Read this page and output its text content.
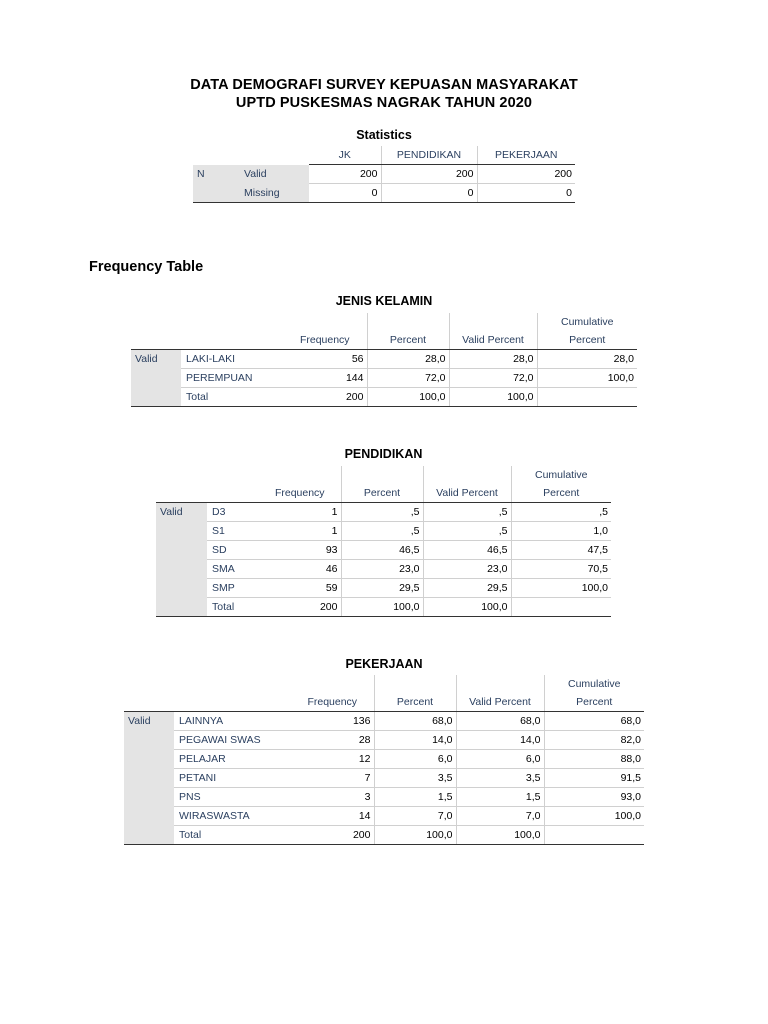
DATA DEMOGRAFI SURVEY KEPUASAN MASYARAKAT
UPTD PUSKESMAS NAGRAK TAHUN 2020
Statistics
		JK	PENDIDIKAN	PEKERJAAN
N	Valid	200	200	200
	Missing	0	0	0
Frequency Table
JENIS KELAMIN
					Cumulative
		Frequency	Percent	Valid Percent	Percent
Valid	LAKI-LAKI	56	28,0	28,0	28,0
	PEREMPUAN	144	72,0	72,0	100,0
	Total	200	100,0	100,0	
PENDIDIKAN
					Cumulative
		Frequency	Percent	Valid Percent	Percent
Valid	D3	1	,5	,5	,5
	S1	1	,5	,5	1,0
	SD	93	46,5	46,5	47,5
	SMA	46	23,0	23,0	70,5
	SMP	59	29,5	29,5	100,0
	Total	200	100,0	100,0	
PEKERJAAN
					Cumulative
		Frequency	Percent	Valid Percent	Percent
Valid	LAINNYA	136	68,0	68,0	68,0
	PEGAWAI SWAS	28	14,0	14,0	82,0
	PELAJAR	12	6,0	6,0	88,0
	PETANI	7	3,5	3,5	91,5
	PNS	3	1,5	1,5	93,0
	WIRASWASTA	14	7,0	7,0	100,0
	Total	200	100,0	100,0	
